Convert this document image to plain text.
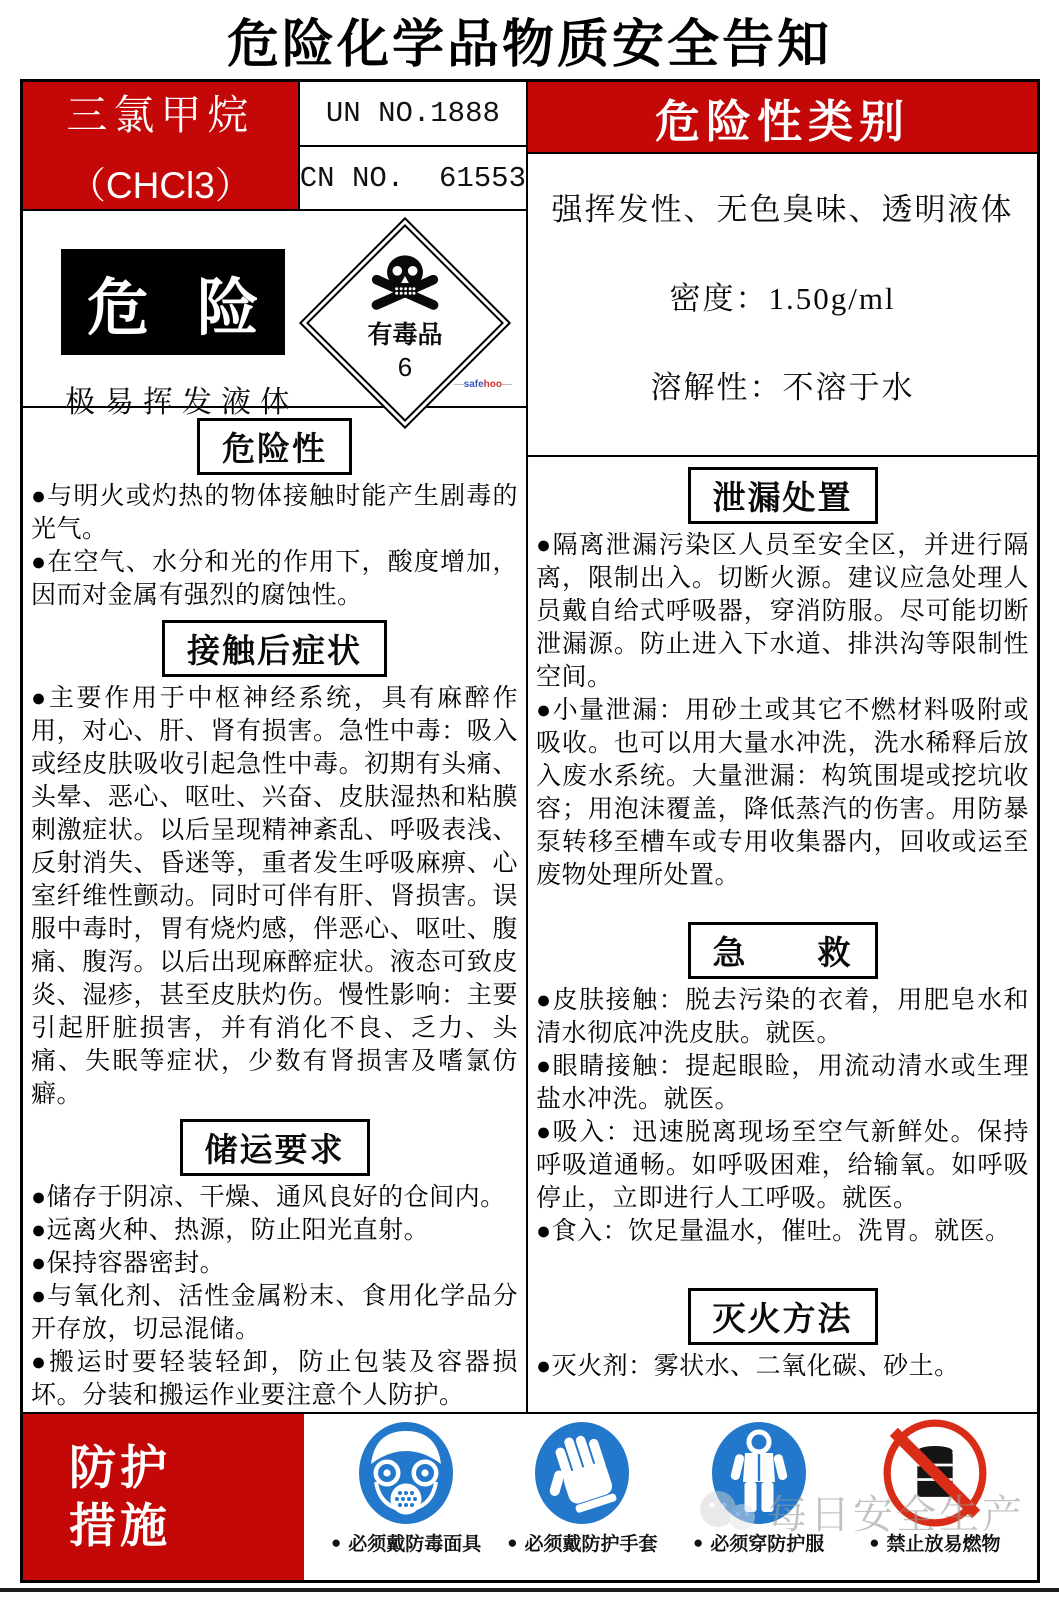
危险化学品物质安全告知
三氯甲烷
（CHCl3）
UN NO.1888
CN NO.  61553
危 险
极易挥发液体
有毒品
6
—safehoo—
危险性

●与明火或灼热的物体接触时能产生剧毒的光气。

●在空气、水分和光的作用下，酸度增加，因而对金属有强烈的腐蚀性。

接触后症状

●主要作用于中枢神经系统，具有麻醉作用，对心、肝、肾有损害。急性中毒：吸入或经皮肤吸收引起急性中毒。初期有头痛、头晕、恶心、呕吐、兴奋、皮肤湿热和粘膜刺激症状。以后呈现精神紊乱、呼吸表浅、反射消失、昏迷等，重者发生呼吸麻痹、心室纤维性颤动。同时可伴有肝、肾损害。误服中毒时，胃有烧灼感，伴恶心、呕吐、腹痛、腹泻。以后出现麻醉症状。液态可致皮炎、湿疹，甚至皮肤灼伤。慢性影响：主要引起肝脏损害，并有消化不良、乏力、头痛、失眠等症状，少数有肾损害及嗜氯仿癖。

储运要求

●储存于阴凉、干燥、通风良好的仓间内。

●远离火种、热源，防止阳光直射。

●保持容器密封。

●与氧化剂、活性金属粉末、食用化学品分开存放，切忌混储。

●搬运时要轻装轻卸，防止包装及容器损坏。分装和搬运作业要注意个人防护。

危险性类别
强挥发性、无色臭味、透明液体
密度：1.50g/ml
溶解性：不溶于水
泄漏处置

●隔离泄漏污染区人员至安全区，并进行隔离，限制出入。切断火源。建议应急处理人员戴自给式呼吸器，穿消防服。尽可能切断泄漏源。防止进入下水道、排洪沟等限制性空间。

●小量泄漏：用砂土或其它不燃材料吸附或吸收。也可以用大量水冲洗，洗水稀释后放入废水系统。大量泄漏：构筑围堤或挖坑收容；用泡沫覆盖，降低蒸汽的伤害。用防暴泵转移至槽车或专用收集器内，回收或运至废物处理所处置。

急　　救

●皮肤接触：脱去污染的衣着，用肥皂水和清水彻底冲洗皮肤。就医。

●眼睛接触：提起眼睑，用流动清水或生理盐水冲洗。就医。

●吸入：迅速脱离现场至空气新鲜处。保持呼吸道通畅。如呼吸困难，给输氧。如呼吸停止，立即进行人工呼吸。就医。

●食入：饮足量温水，催吐。洗胃。就医。

灭火方法

●灭火剂：雾状水、二氧化碳、砂土。

防护
措施	● 必须戴防毒面具 ● 必须戴防护手套 ● 必须穿防护服	● 禁止放易燃物
每日安全生产
